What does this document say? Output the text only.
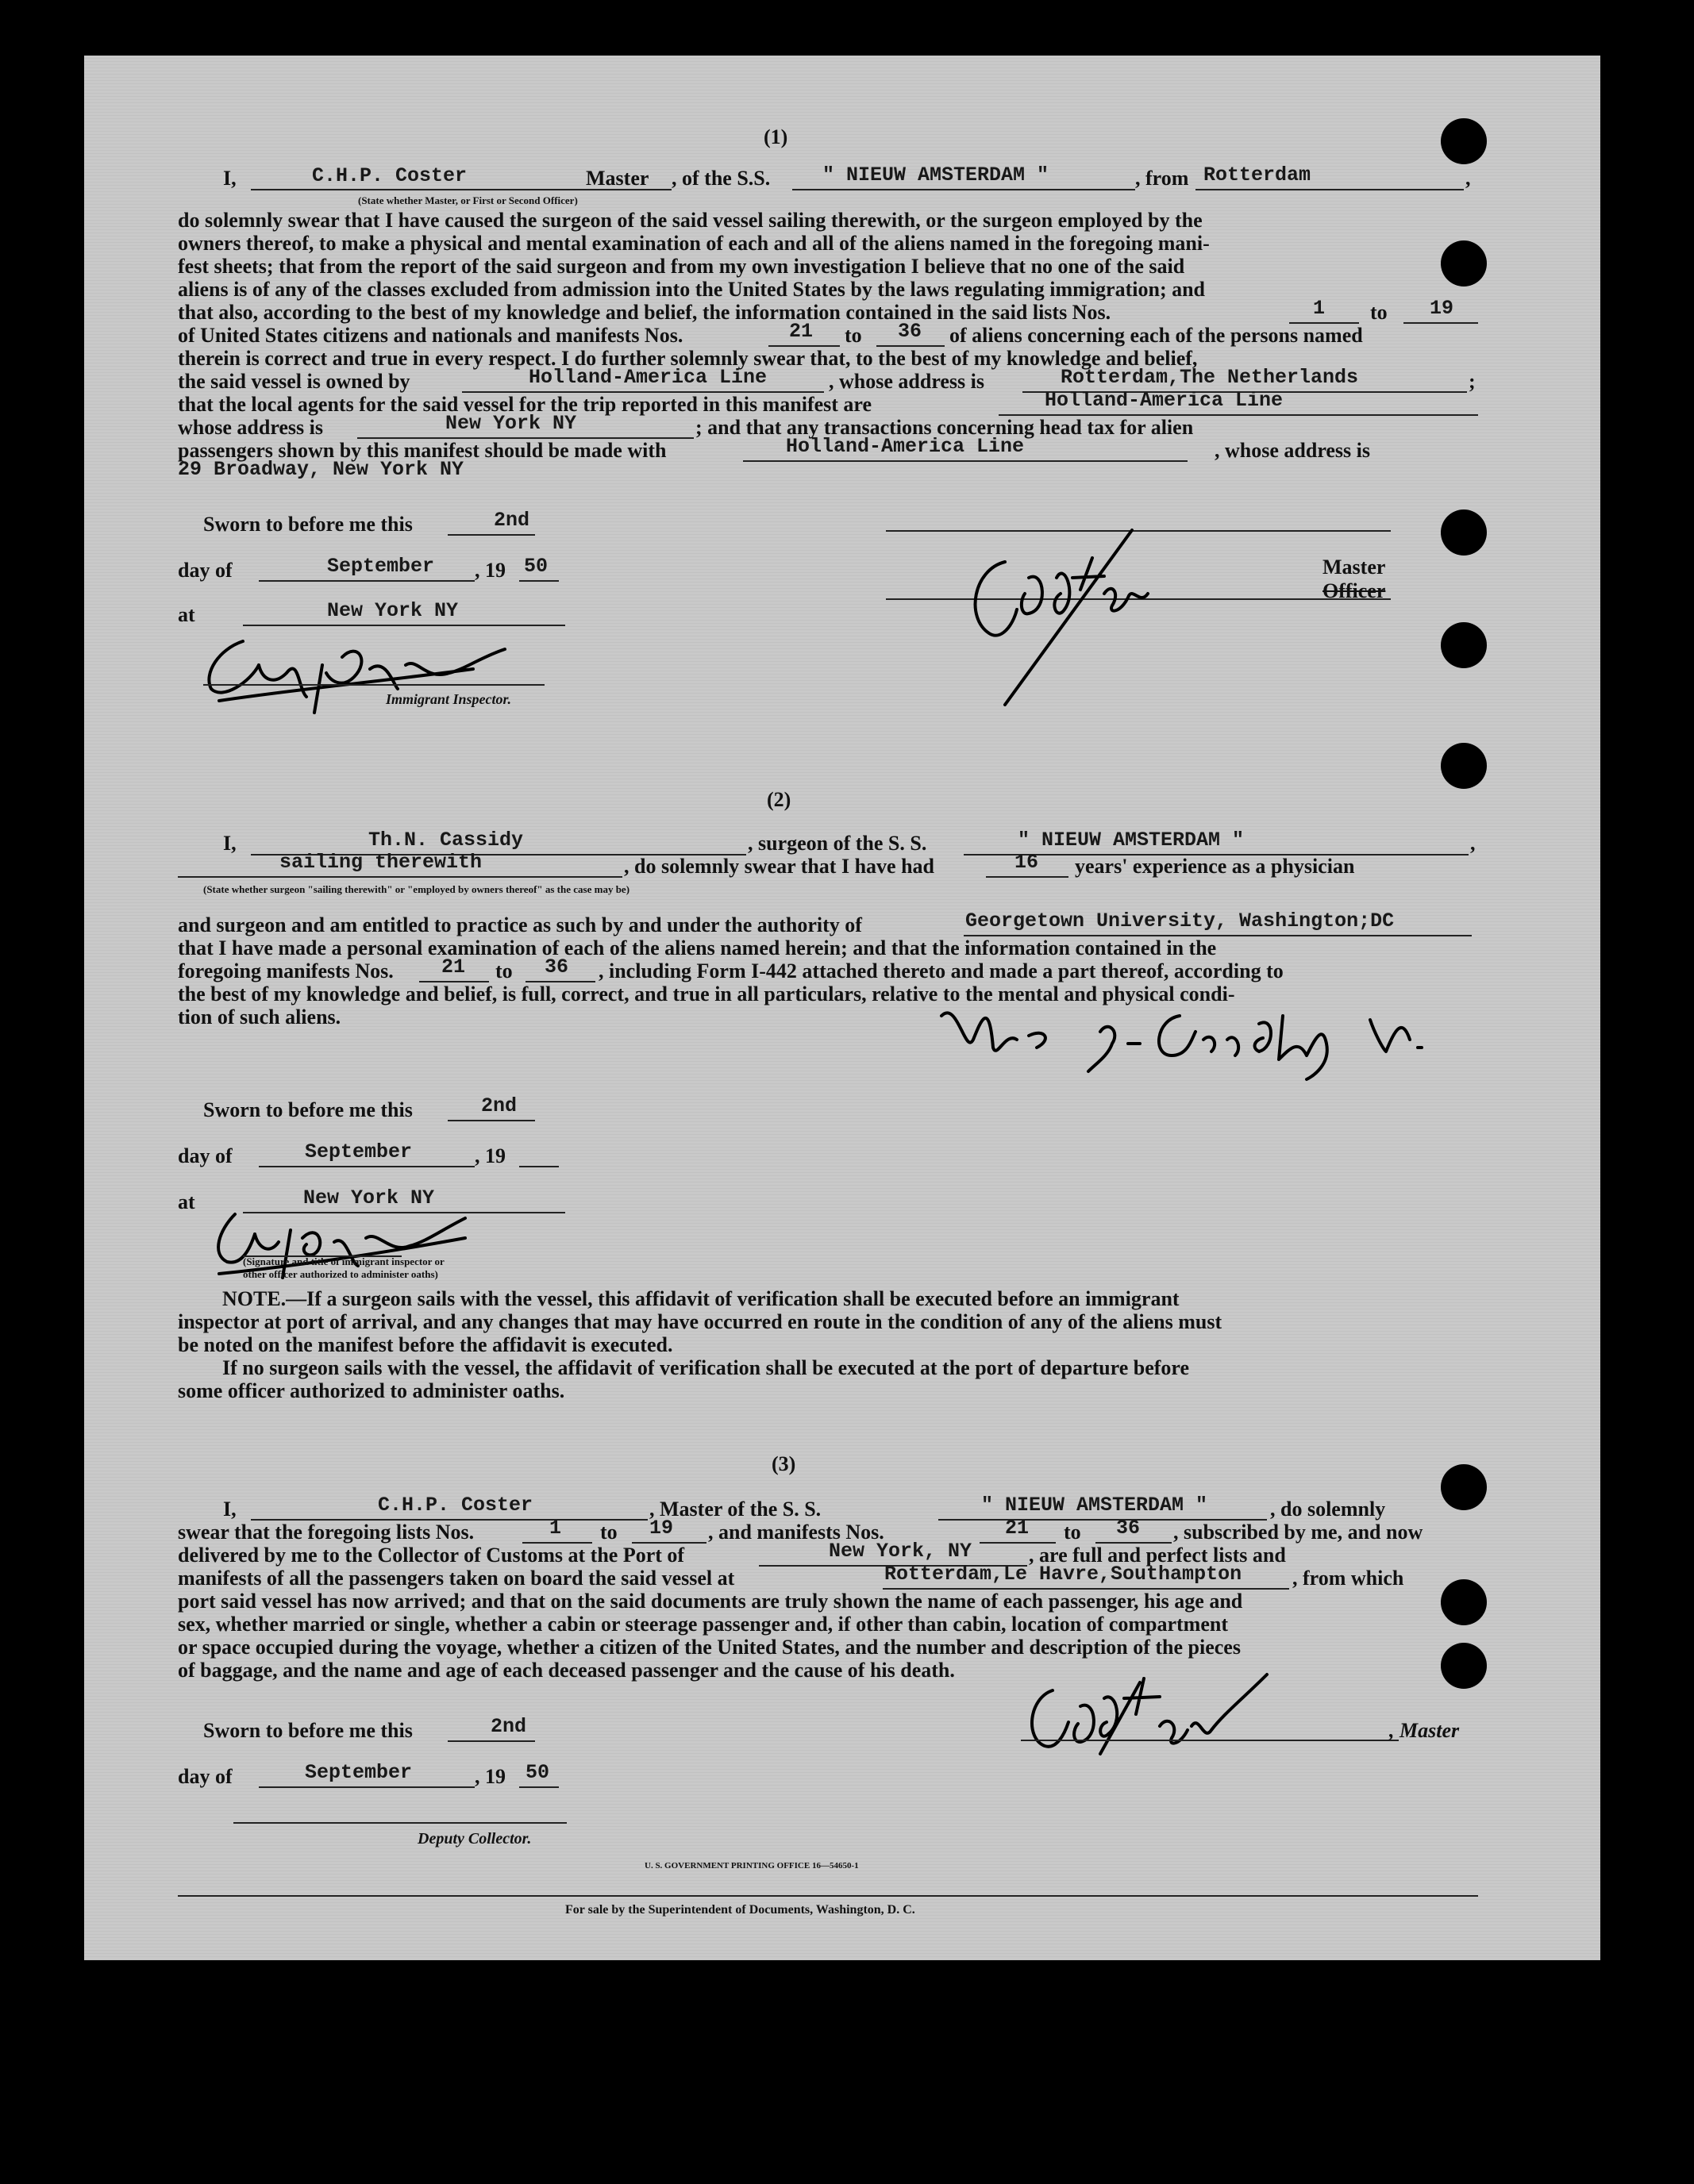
(1)
I,	C.H.P. Coster	Master , of the S.S.	" NIEUW AMSTERDAM "	, from Rotterdam	,
(State whether Master, or First or Second Officer)
do solemnly swear that I have caused the surgeon of the said vessel sailing therewith, or the surgeon employed by the
owners thereof, to make a physical and mental examination of each and all of the aliens named in the foregoing mani-
fest sheets; that from the report of the said surgeon and from my own investigation I believe that no one of the said
aliens is of any of the classes excluded from admission into the United States by the laws regulating immigration; and
that also, according to the best of my knowledge and belief, the information contained in the said lists Nos.	1 to 19
of United States citizens and nationals and manifests Nos.	21 to 36 of aliens concerning each of the persons named
therein is correct and true in every respect. I do further solemnly swear that, to the best of my knowledge and belief,
the said vessel is owned by	Holland-America Line	, whose address is	Rotterdam,The Netherlands	;
that the local agents for the said vessel for the trip reported in this manifest are	Holland-America Line
whose address is	New York NY	; and that any transactions concerning head tax for alien
passengers shown by this manifest should be made with	Holland-America Line	, whose address is
29 Broadway, New York NY
Sworn to before me this	2nd
day of	September , 19 50
at	New York NY
Immigrant Inspector.
Master
Officer
(2)
I,	Th.N. Cassidy	, surgeon of the S. S.	" NIEUW AMSTERDAM "	,
sailing therewith	, do solemnly swear that I have had	16 years' experience as a physician
(State whether surgeon "sailing therewith" or "employed by owners thereof" as the case may be)
and surgeon and am entitled to practice as such by and under the authority of	Georgetown University, Washington;DC
that I have made a personal examination of each of the aliens named herein; and that the information contained in the
foregoing manifests Nos. 21 to 36 , including Form I-442 attached thereto and made a part thereof, according to
the best of my knowledge and belief, is full, correct, and true in all particulars, relative to the mental and physical condi-
tion of such aliens.
Sworn to before me this	2nd
day of	September	, 19
at	New York NY
(Signature and title of immigrant inspector or
other officer authorized to administer oaths)
NOTE.—If a surgeon sails with the vessel, this affidavit of verification shall be executed before an immigrant
inspector at port of arrival, and any changes that may have occurred en route in the condition of any of the aliens must
be noted on the manifest before the affidavit is executed.
If no surgeon sails with the vessel, the affidavit of verification shall be executed at the port of departure before
some officer authorized to administer oaths.
(3)
I,	C.H.P. Coster	, Master of the S. S.	" NIEUW AMSTERDAM "	, do solemnly
swear that the foregoing lists Nos.	1 to 19 , and manifests Nos.	21 to 36 , subscribed by me, and now
delivered by me to the Collector of Customs at the Port of	New York, NY	, are full and perfect lists and
manifests of all the passengers taken on board the said vessel at	Rotterdam,Le Havre,Southampton , from which
port said vessel has now arrived; and that on the said documents are truly shown the name of each passenger, his age and
sex, whether married or single, whether a cabin or steerage passenger and, if other than cabin, location of compartment
or space occupied during the voyage, whether a citizen of the United States, and the number and description of the pieces
of baggage, and the name and age of each deceased passenger and the cause of his death.
Sworn to before me this	2nd	, Master
day of	September	, 19 50
Deputy Collector.
U. S. GOVERNMENT PRINTING OFFICE 16—54650-1
For sale by the Superintendent of Documents, Washington, D. C.
